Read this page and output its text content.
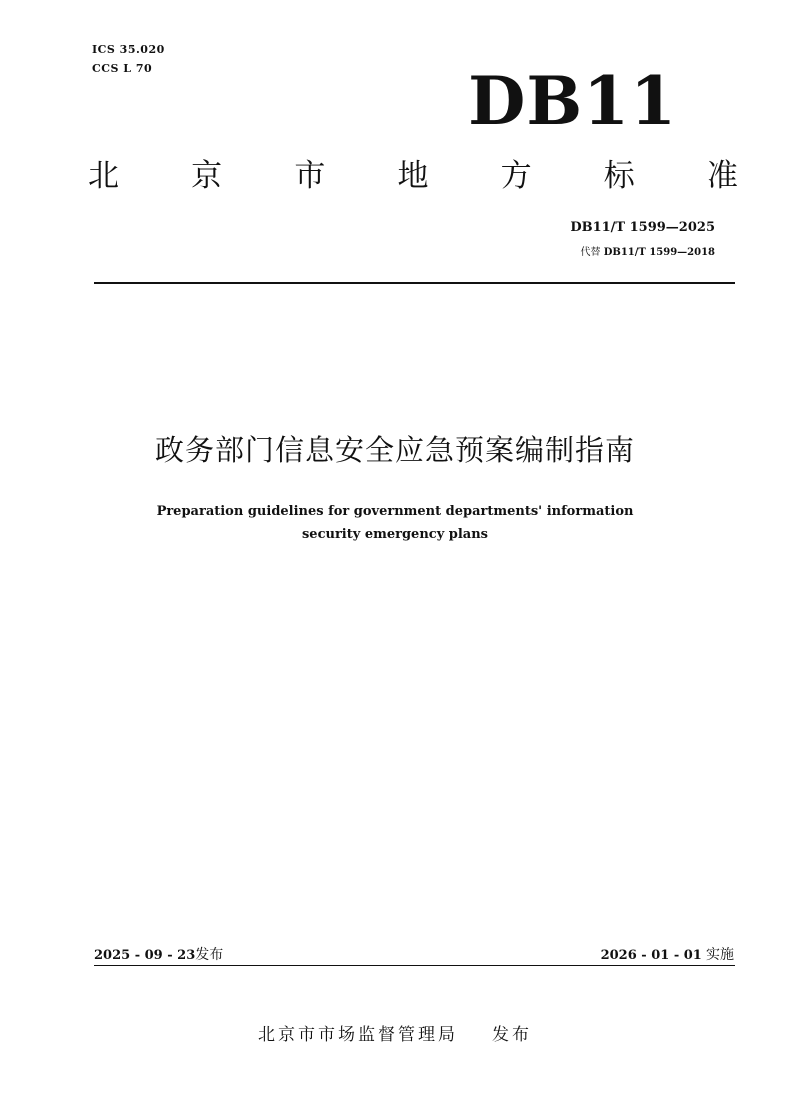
ICS 35.020
CCS L 70	DB11
北 京 市 地 方 标 准
DB11/T 1599—2025
代替 DB11/T 1599—2018
政务部门信息安全应急预案编制指南
Preparation guidelines for government departments' information
security emergency plans
2025 - 09 - 23发布	2026 - 01 - 01 实施
北京市市场监督管理局 发布
